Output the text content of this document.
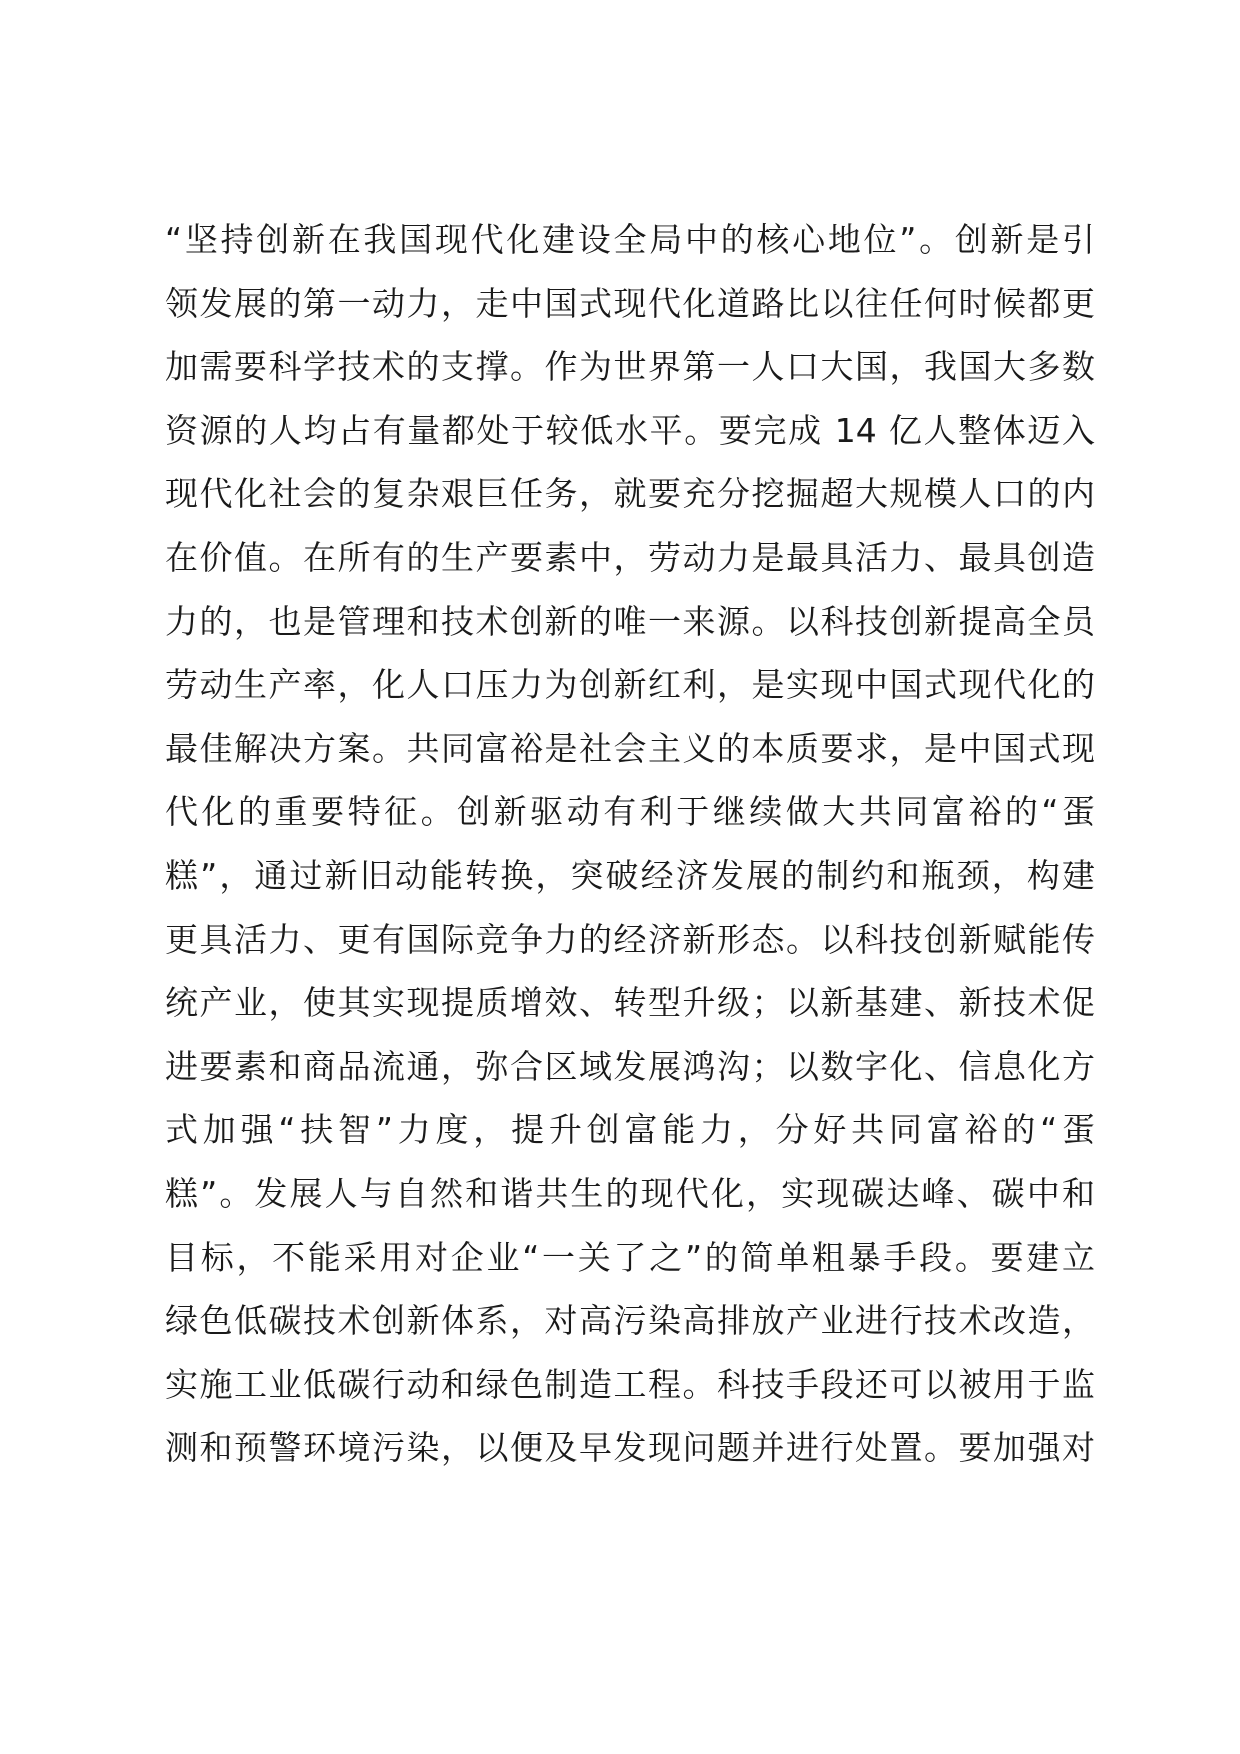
“坚持创新在我国现代化建设全局中的核心地位”。创新是引
领发展的第一动力，走中国式现代化道路比以往任何时候都更
加需要科学技术的支撑。作为世界第一人口大国，我国大多数
资源的人均占有量都处于较低水平。要完成 14 亿人整体迈入
现代化社会的复杂艰巨任务，就要充分挖掘超大规模人口的内
在价值。在所有的生产要素中，劳动力是最具活力、最具创造
力的，也是管理和技术创新的唯一来源。以科技创新提高全员
劳动生产率，化人口压力为创新红利，是实现中国式现代化的
最佳解决方案。共同富裕是社会主义的本质要求，是中国式现
代化的重要特征。创新驱动有利于继续做大共同富裕的“蛋
糕”，通过新旧动能转换，突破经济发展的制约和瓶颈，构建
更具活力、更有国际竞争力的经济新形态。以科技创新赋能传
统产业，使其实现提质增效、转型升级；以新基建、新技术促
进要素和商品流通，弥合区域发展鸿沟；以数字化、信息化方
式加强“扶智”力度，提升创富能力，分好共同富裕的“蛋
糕”。发展人与自然和谐共生的现代化，实现碳达峰、碳中和
目标，不能采用对企业“一关了之”的简单粗暴手段。要建立
绿色低碳技术创新体系，对高污染高排放产业进行技术改造，
实施工业低碳行动和绿色制造工程。科技手段还可以被用于监
测和预警环境污染，以便及早发现问题并进行处置。要加强对
